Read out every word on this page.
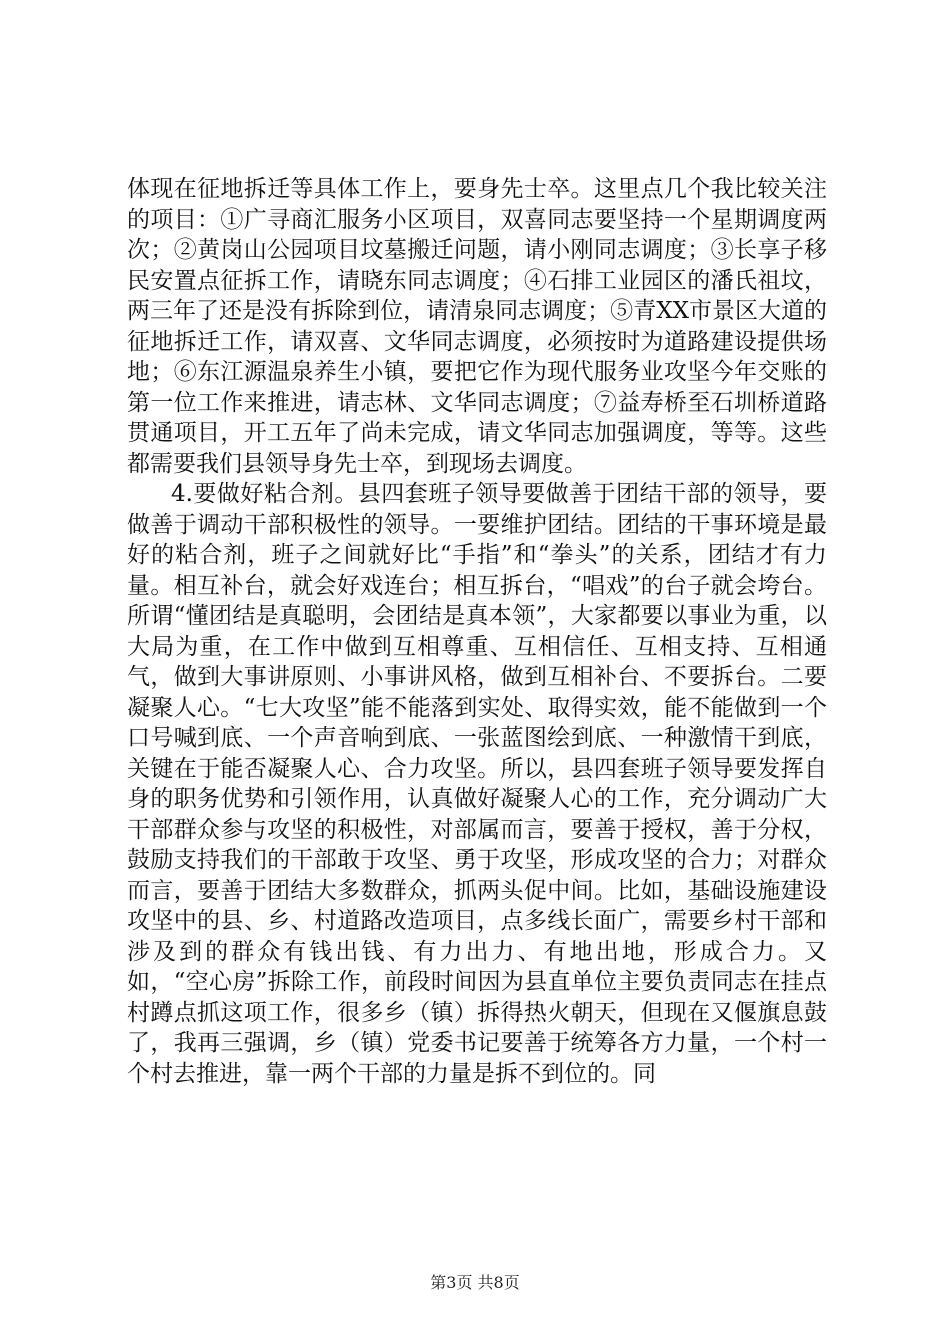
体现在征地拆迁等具体工作上，要身先士卒。这里点几个我比较关注的项目：①广寻商汇服务小区项目，双喜同志要坚持一个星期调度两次；②黄岗山公园项目坟墓搬迁问题，请小刚同志调度；③长享子移民安置点征拆工作，请晓东同志调度；④石排工业园区的潘氏祖坟，两三年了还是没有拆除到位，请清泉同志调度；⑤青XX市景区大道的征地拆迁工作，请双喜、文华同志调度，必须按时为道路建设提供场地；⑥东江源温泉养生小镇，要把它作为现代服务业攻坚今年交账的第一位工作来推进，请志林、文华同志调度；⑦益寿桥至石圳桥道路贯通项目，开工五年了尚未完成，请文华同志加强调度，等等。这些都需要我们县领导身先士卒，到现场去调度。

4.要做好粘合剂。县四套班子领导要做善于团结干部的领导，要做善于调动干部积极性的领导。一要维护团结。团结的干事环境是最好的粘合剂，班子之间就好比“手指”和“拳头”的关系，团结才有力量。相互补台，就会好戏连台；相互拆台，“唱戏”的台子就会垮台。所谓“懂团结是真聪明，会团结是真本领”，大家都要以事业为重，以大局为重，在工作中做到互相尊重、互相信任、互相支持、互相通气，做到大事讲原则、小事讲风格，做到互相补台、不要拆台。二要凝聚人心。“七大攻坚”能不能落到实处、取得实效，能不能做到一个口号喊到底、一个声音响到底、一张蓝图绘到底、一种激情干到底，关键在于能否凝聚人心、合力攻坚。所以，县四套班子领导要发挥自身的职务优势和引领作用，认真做好凝聚人心的工作，充分调动广大干部群众参与攻坚的积极性，对部属而言，要善于授权，善于分权，鼓励支持我们的干部敢于攻坚、勇于攻坚，形成攻坚的合力；对群众而言，要善于团结大多数群众，抓两头促中间。比如，基础设施建设攻坚中的县、乡、村道路改造项目，点多线长面广，需要乡村干部和涉及到的群众有钱出钱、有力出力、有地出地，形成合力。又如，“空心房”拆除工作，前段时间因为县直单位主要负责同志在挂点村蹲点抓这项工作，很多乡（镇）拆得热火朝天，但现在又偃旗息鼓了，我再三强调，乡（镇）党委书记要善于统筹各方力量，一个村一个村去推进，靠一两个干部的力量是拆不到位的。同

第3页 共8页
